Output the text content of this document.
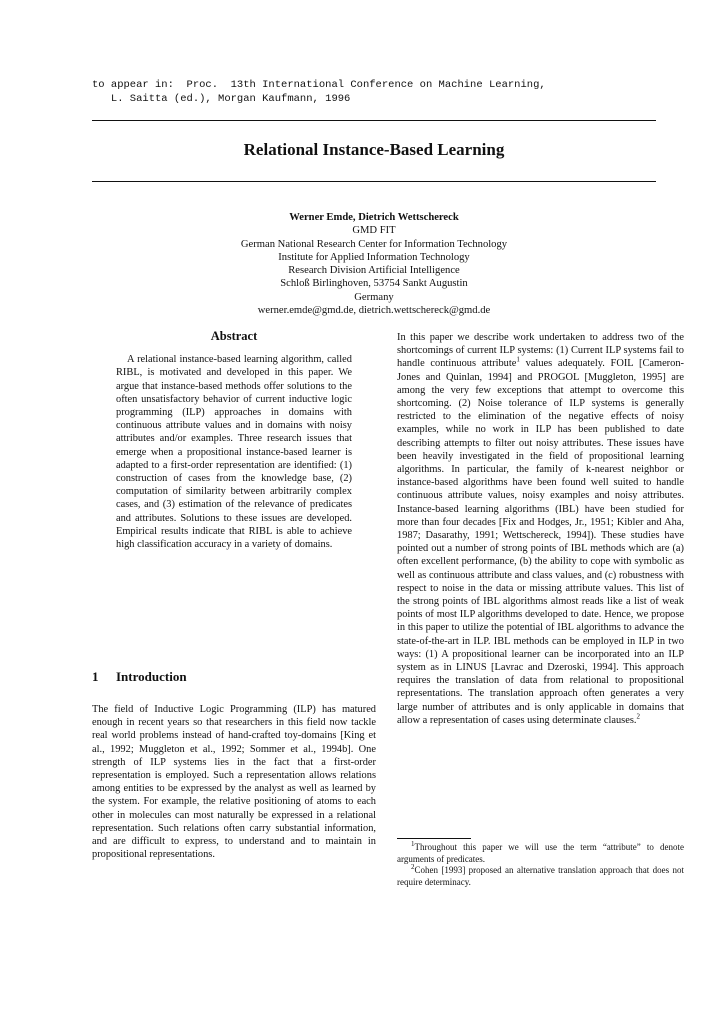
to appear in:  Proc.  13th International Conference on Machine Learning,
L. Saitta (ed.), Morgan Kaufmann, 1996
Relational Instance-Based Learning
Werner Emde, Dietrich Wettschereck
GMD FIT
German National Research Center for Information Technology
Institute for Applied Information Technology
Research Division Artificial Intelligence
Schloß Birlinghoven, 53754 Sankt Augustin
Germany
werner.emde@gmd.de, dietrich.wettschereck@gmd.de
Abstract
A relational instance-based learning algorithm, called RIBL, is motivated and developed in this paper. We argue that instance-based methods offer solutions to the often unsatisfactory behavior of current inductive logic programming (ILP) approaches in domains with continuous attribute values and in domains with noisy attributes and/or examples. Three research issues that emerge when a propositional instance-based learner is adapted to a first-order representation are identified: (1) construction of cases from the knowledge base, (2) computation of similarity between arbitrarily complex cases, and (3) estimation of the relevance of predicates and attributes. Solutions to these issues are developed. Empirical results indicate that RIBL is able to achieve high classification accuracy in a variety of domains.
1 Introduction
The field of Inductive Logic Programming (ILP) has matured enough in recent years so that researchers in this field now tackle real world problems instead of hand-crafted toy-domains [King et al., 1992; Muggleton et al., 1992; Sommer et al., 1994b]. One strength of ILP systems lies in the fact that a first-order representation is employed. Such a representation allows relations among entities to be expressed by the analyst as well as learned by the system. For example, the relative positioning of atoms to each other in molecules can most naturally be expressed in a relational representation. Such relations often carry substantial information, and are difficult to express, to understand and to maintain in propositional representations.
In this paper we describe work undertaken to address two of the shortcomings of current ILP systems: (1) Current ILP systems fail to handle continuous attribute$^1$ values adequately. FOIL [Cameron-Jones and Quinlan, 1994] and PROGOL [Muggleton, 1995] are among the very few exceptions that attempt to overcome this shortcoming. (2) Noise tolerance of ILP systems is generally restricted to the elimination of the negative effects of noisy examples, while no work in ILP has been published to date describing attempts to filter out noisy attributes. These issues have been heavily investigated in the field of propositional learning algorithms. In particular, the family of k-nearest neighbor or instance-based algorithms have been found well suited to handle continuous attribute values, noisy examples and noisy attributes. Instance-based learning algorithms (IBL) have been studied for more than four decades [Fix and Hodges, Jr., 1951; Kibler and Aha, 1987; Dasarathy, 1991; Wettschereck, 1994]). These studies have pointed out a number of strong points of IBL methods which are (a) often excellent performance, (b) the ability to cope with symbolic as well as continuous attribute and class values, and (c) robustness with respect to noise in the data or missing attribute values. This list of the strong points of IBL algorithms almost reads like a list of weak points of most ILP algorithms developed to date. Hence, we propose in this paper to utilize the potential of IBL algorithms to advance the state-of-the-art in ILP. IBL methods can be employed in ILP in two ways: (1) A propositional learner can be incorporated into an ILP system as in LINUS [Lavrac and Dzeroski, 1994]. This approach requires the translation of data from relational to propositional representations. The translation approach often generates a very large number of attributes and is only applicable in domains that allow a representation of cases using determinate clauses.$^2$

$^1$Throughout this paper we will use the term “attribute” to denote arguments of predicates.

$^2$Cohen [1993] proposed an alternative translation approach that does not require determinacy.
